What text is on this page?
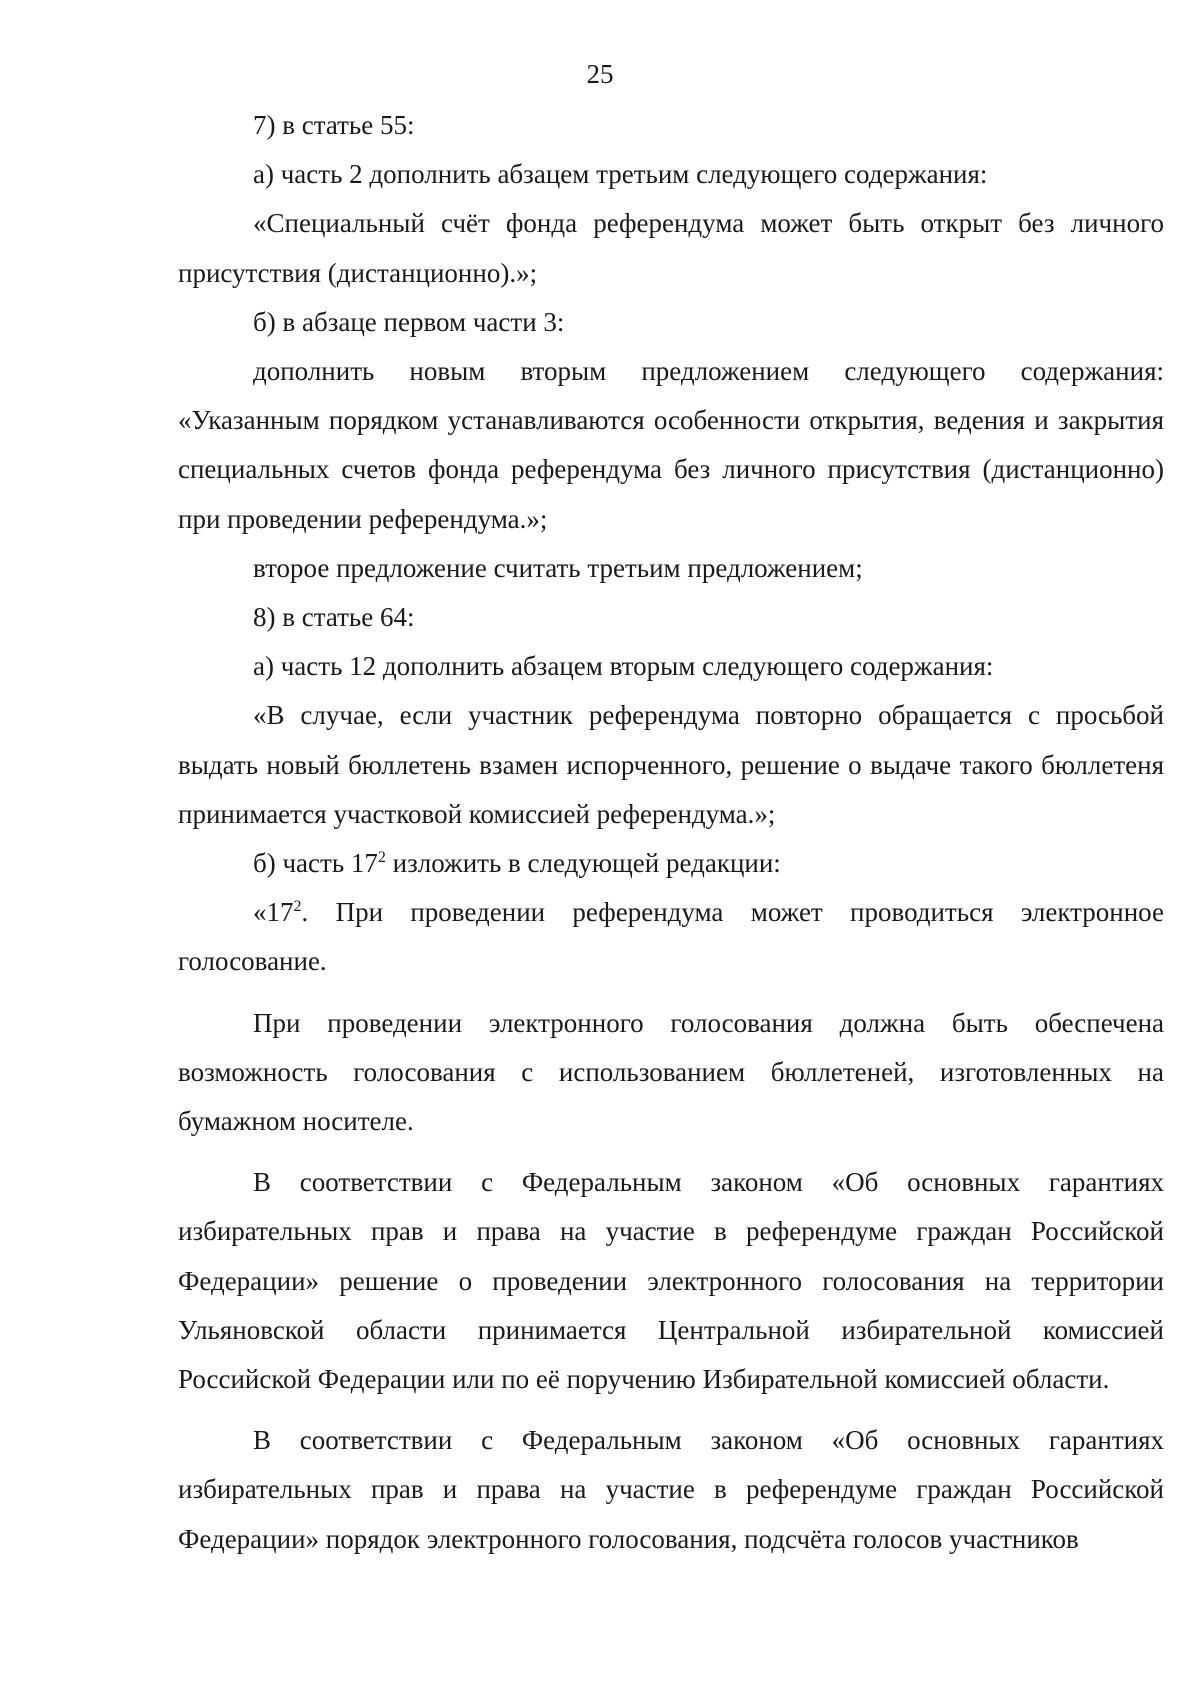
25

7) в статье 55:

а) часть 2 дополнить абзацем третьим следующего содержания:

«Специальный счёт фонда референдума может быть открыт без личного присутствия (дистанционно).»;

б) в абзаце первом части 3:

дополнить новым вторым предложением следующего содержания: «Указанным порядком устанавливаются особенности открытия, ведения и закрытия специальных счетов фонда референдума без личного присутствия (дистанционно) при проведении референдума.»;

второе предложение считать третьим предложением;

8) в статье 64:

а) часть 12 дополнить абзацем вторым следующего содержания:

«В случае, если участник референдума повторно обращается с просьбой выдать новый бюллетень взамен испорченного, решение о выдаче такого бюллетеня принимается участковой комиссией референдума.»;

б) часть $17^2$ изложить в следующей редакции:

«$17^2$. При проведении референдума может проводиться электронное голосование.

При проведении электронного голосования должна быть обеспечена возможность голосования с использованием бюллетеней, изготовленных на бумажном носителе.

В соответствии с Федеральным законом «Об основных гарантиях избирательных прав и права на участие в референдуме граждан Российской Федерации» решение о проведении электронного голосования на территории Ульяновской области принимается Центральной избирательной комиссией Российской Федерации или по её поручению Избирательной комиссией области.

В соответствии с Федеральным законом «Об основных гарантиях избирательных прав и права на участие в референдуме граждан Российской Федерации» порядок электронного голосования, подсчёта голосов участников
